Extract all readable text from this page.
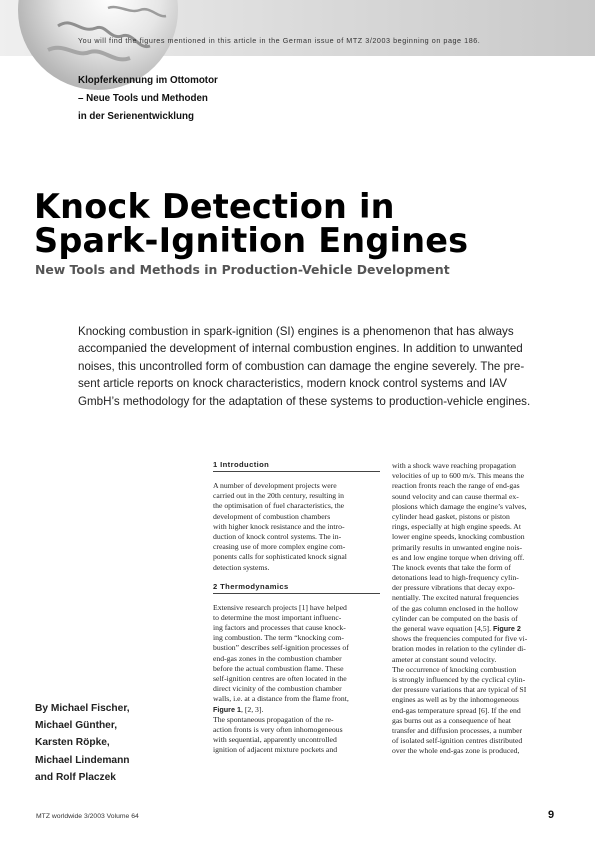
You will find the figures mentioned in this article in the German issue of MTZ 3/2003 beginning on page 186.
Klopferkennung im Ottomotor
– Neue Tools und Methoden
in der Serienentwicklung
Knock Detection in
Spark-Ignition Engines
New Tools and Methods in Production-Vehicle Development
Knocking combustion in spark-ignition (SI) engines is a phenomenon that has always
accompanied the development of internal combustion engines. In addition to unwanted
noises, this uncontrolled form of combustion can damage the engine severely. The pre-
sent article reports on knock characteristics, modern knock control systems and IAV
GmbH’s methodology for the adaptation of these systems to production-vehicle engines.
By Michael Fischer,
Michael Günther,
Karsten Röpke,
Michael Lindemann
and Rolf Placzek
1 Introduction
A number of development projects were
carried out in the 20th century, resulting in
the optimisation of fuel characteristics, the
development of combustion chambers
with higher knock resistance and the intro-
duction of knock control systems. The in-
creasing use of more complex engine com-
ponents calls for sophisticated knock signal
detection systems.
2 Thermodynamics
Extensive research projects [1] have helped
to determine the most important influenc-
ing factors and processes that cause knock-
ing combustion. The term “knocking com-
bustion” describes self-ignition processes of
end-gas zones in the combustion chamber
before the actual combustion flame. These
self-ignition centres are often located in the
direct vicinity of the combustion chamber
walls, i.e. at a distance from the flame front,
Figure 1, [2, 3].
The spontaneous propagation of the re-
action fronts is very often inhomogeneous
with sequential, apparently uncontrolled
ignition of adjacent mixture pockets and
with a shock wave reaching propagation
velocities of up to 600 m/s. This means the
reaction fronts reach the range of end-gas
sound velocity and can cause thermal ex-
plosions which damage the engine’s valves,
cylinder head gasket, pistons or piston
rings, especially at high engine speeds. At
lower engine speeds, knocking combustion
primarily results in unwanted engine nois-
es and low engine torque when driving off.
The knock events that take the form of
detonations lead to high-frequency cylin-
der pressure vibrations that decay expo-
nentially. The excited natural frequencies
of the gas column enclosed in the hollow
cylinder can be computed on the basis of
the general wave equation [4,5]. Figure 2
shows the frequencies computed for five vi-
bration modes in relation to the cylinder di-
ameter at constant sound velocity.
The occurrence of knocking combustion
is strongly influenced by the cyclical cylin-
der pressure variations that are typical of SI
engines as well as by the inhomogeneous
end-gas temperature spread [6]. If the end
gas burns out as a consequence of heat
transfer and diffusion processes, a number
of isolated self-ignition centres distributed
over the whole end-gas zone is produced,
MTZ worldwide 3/2003 Volume 64	9
